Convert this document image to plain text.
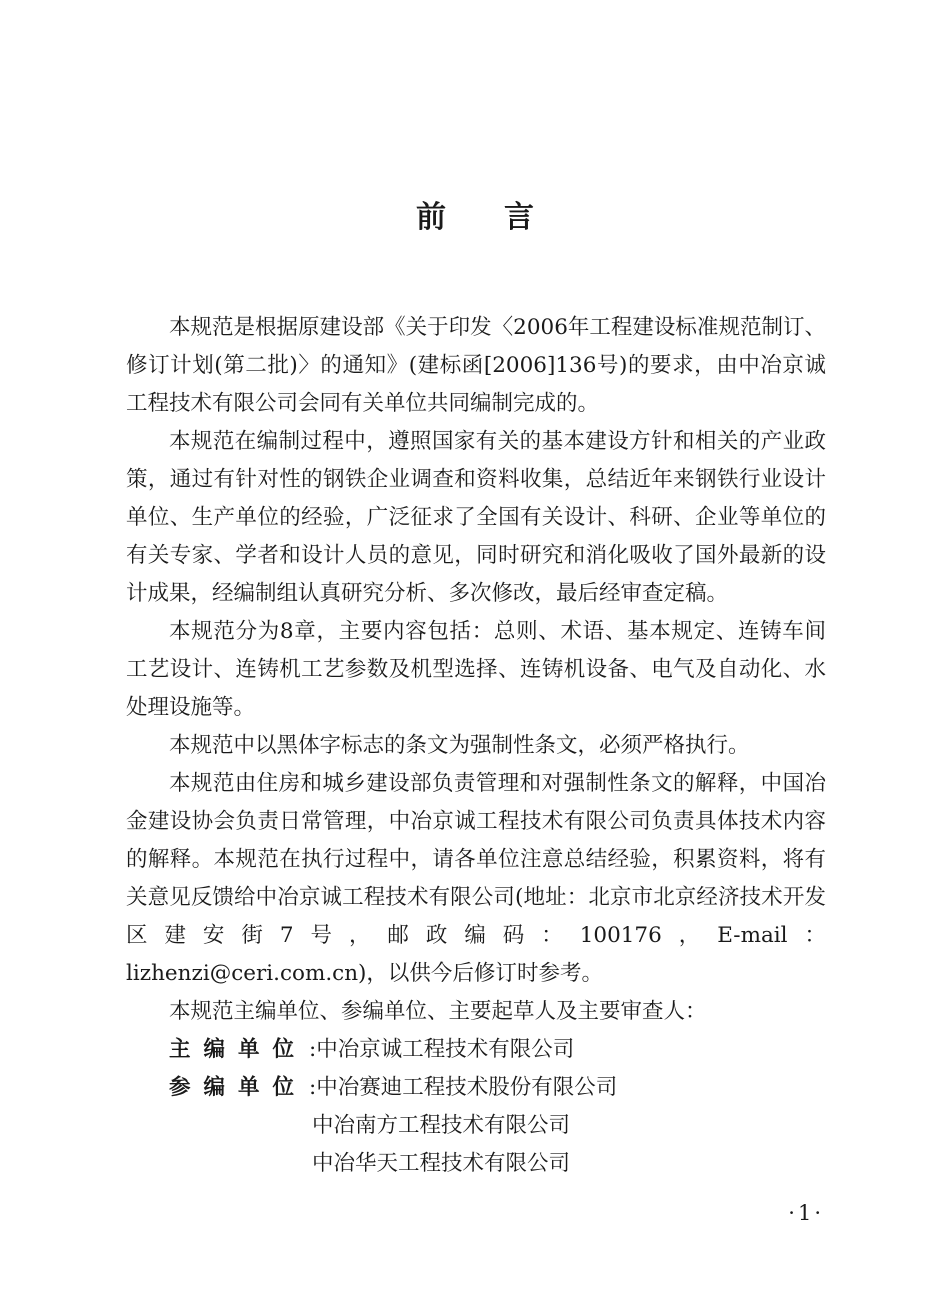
前言

本规范是根据原建设部《关于印发〈2006年工程建设标准规范制订、修订计划(第二批)〉的通知》(建标函[2006]136号)的要求，由中冶京诚工程技术有限公司会同有关单位共同编制完成的。

本规范在编制过程中，遵照国家有关的基本建设方针和相关的产业政策，通过有针对性的钢铁企业调查和资料收集，总结近年来钢铁行业设计单位、生产单位的经验，广泛征求了全国有关设计、科研、企业等单位的有关专家、学者和设计人员的意见，同时研究和消化吸收了国外最新的设计成果，经编制组认真研究分析、多次修改，最后经审查定稿。

本规范分为8章，主要内容包括：总则、术语、基本规定、连铸车间工艺设计、连铸机工艺参数及机型选择、连铸机设备、电气及自动化、水处理设施等。

本规范中以黑体字标志的条文为强制性条文，必须严格执行。

本规范由住房和城乡建设部负责管理和对强制性条文的解释，中国冶金建设协会负责日常管理，中冶京诚工程技术有限公司负责具体技术内容的解释。本规范在执行过程中，请各单位注意总结经验，积累资料，将有关意见反馈给中冶京诚工程技术有限公司(地址：北京市北京经济技术开发区建安街7号，邮政编码：100176，E-mail：lizhenzi@ceri.com.cn)，以供今后修订时参考。

本规范主编单位、参编单位、主要起草人及主要审查人：

主编单位 : 中冶京诚工程技术有限公司
参编单位 : 中冶赛迪工程技术股份有限公司
中冶南方工程技术有限公司
中冶华天工程技术有限公司
·1·
